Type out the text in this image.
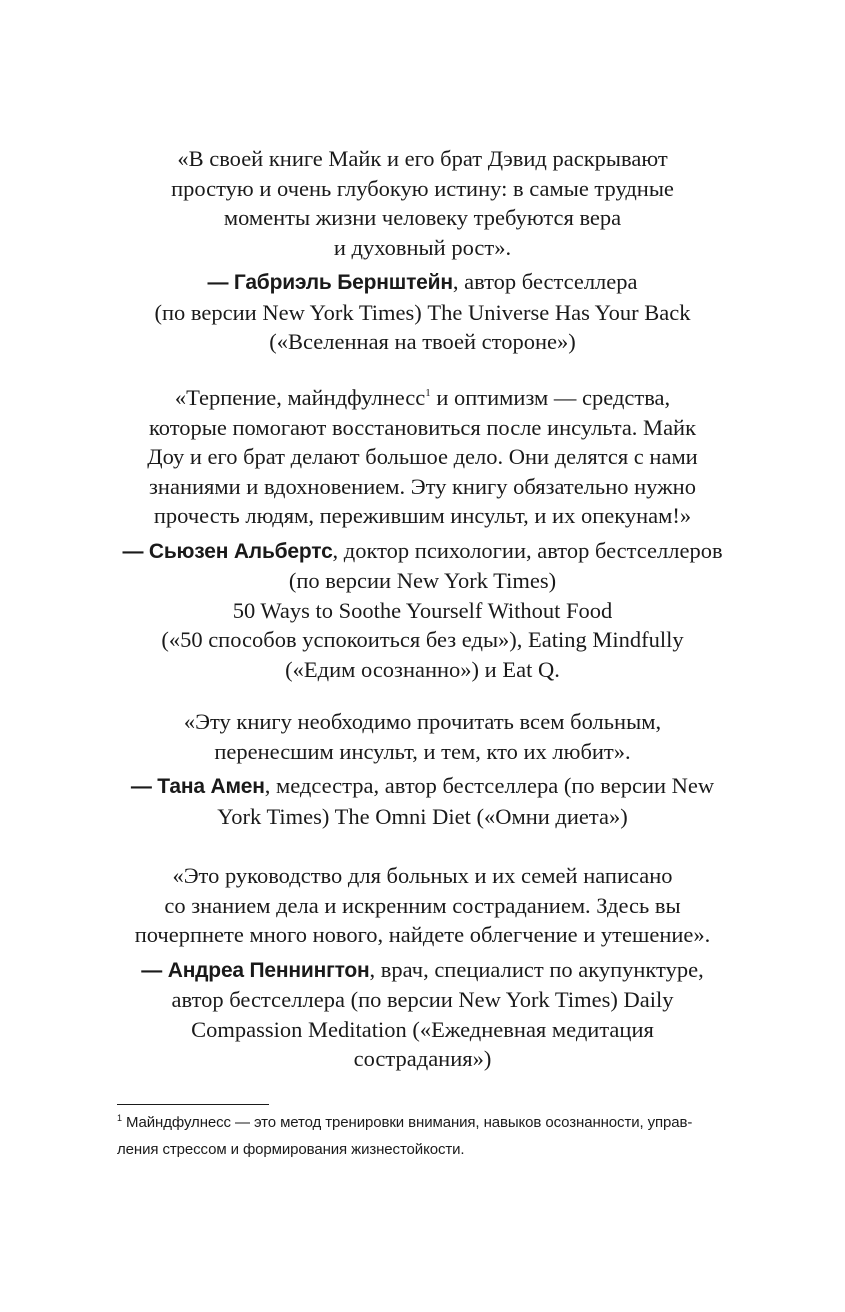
«В своей книге Майк и его брат Дэвид раскрывают
простую и очень глубокую истину: в самые трудные
моменты жизни человеку требуются вера
и духовный рост».

— Габриэль Бернштейн, автор бестселлера
(по версии New York Times) The Universe Has Your Back
(«Вселенная на твоей стороне»)

«Терпение, майндфулнесс$^1$ и оптимизм — средства,
которые помогают восстановиться после инсульта. Майк
Доу и его брат делают большое дело. Они делятся с нами
знаниями и вдохновением. Эту книгу обязательно нужно
прочесть людям, пережившим инсульт, и их опекунам!»

— Сьюзен Альбертс, доктор психологии, автор бестселлеров
(по версии New York Times)
50 Ways to Soothe Yourself Without Food
(«50 способов успокоиться без еды»), Eating Mindfully
(«Едим осознанно») и Eat Q.

«Эту книгу необходимо прочитать всем больным,
перенесшим инсульт, и тем, кто их любит».

— Тана Амен, медсестра, автор бестселлера (по версии New
York Times) The Omni Diet («Омни диета»)

«Это руководство для больных и их семей написано
со знанием дела и искренним состраданием. Здесь вы
почерпнете много нового, найдете облегчение и утешение».

— Андреа Пеннингтон, врач, специалист по акупунктуре,
автор бестселлера (по версии New York Times) Daily
Compassion Meditation («Ежедневная медитация
сострадания»)

$^1$ Майндфулнесс — это метод тренировки внимания, навыков осознанности, управ-
ления стрессом и формирования жизнестойкости.
